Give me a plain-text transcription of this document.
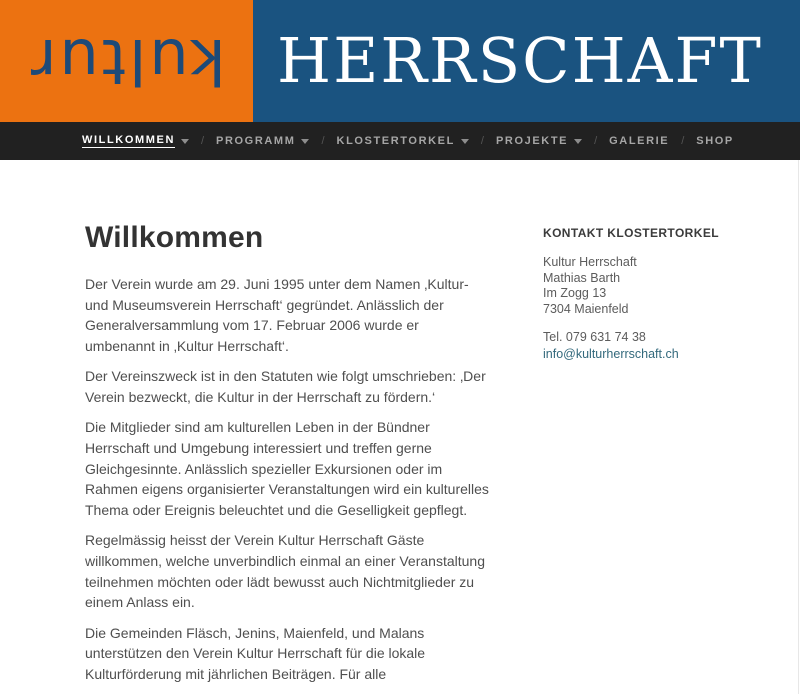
kultur HERRSCHAFT
WILLKOMMEN / PROGRAMM / KLOSTERTORKEL / PROJEKTE / GALERIE / SHOP
Willkommen

Der Verein wurde am 29. Juni 1995 unter dem Namen ‚Kultur- und Museumsverein Herrschaft‘ gegründet. Anlässlich der Generalversammlung vom 17. Februar 2006 wurde er umbenannt in ‚Kultur Herrschaft‘.

Der Vereinszweck ist in den Statuten wie folgt umschrieben: ‚Der Verein bezweckt, die Kultur in der Herrschaft zu fördern.‘

Die Mitglieder sind am kulturellen Leben in der Bündner Herrschaft und Umgebung interessiert und treffen gerne Gleichgesinnte. Anlässlich spezieller Exkursionen oder im Rahmen eigens organisierter Veranstaltungen wird ein kulturelles Thema oder Ereignis beleuchtet und die Geselligkeit gepflegt.

Regelmässig heisst der Verein Kultur Herrschaft Gäste willkommen, welche unverbindlich einmal an einer Veranstaltung teilnehmen möchten oder lädt bewusst auch Nichtmitglieder zu einem Anlass ein.

Die Gemeinden Fläsch, Jenins, Maienfeld, und Malans unterstützen den Verein Kultur Herrschaft für die lokale Kulturförderung mit jährlichen Beiträgen. Für alle

KONTAKT KLOSTERTORKEL
Kultur Herrschaft
Mathias Barth
Im Zogg 13
7304 Maienfeld
Tel. 079 631 74 38
info@kulturherrschaft.ch
